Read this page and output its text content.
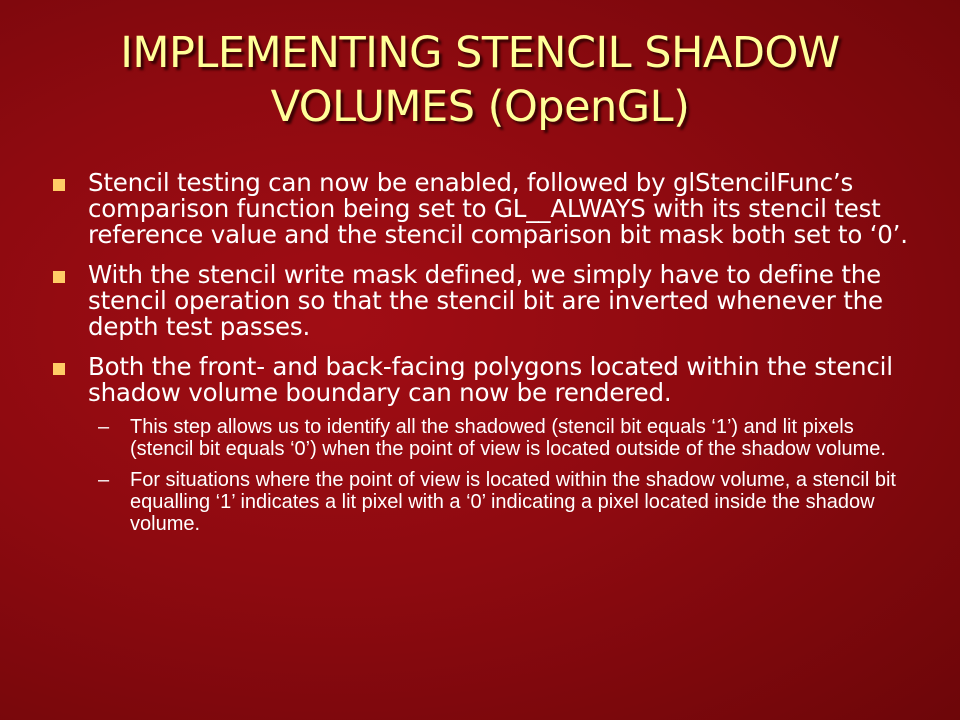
IMPLEMENTING STENCIL SHADOW
VOLUMES (OpenGL)
Stencil testing can now be enabled, followed by glStencilFunc’s comparison function being set to GL__ALWAYS with its stencil test reference value and the stencil comparison bit mask both set to ‘0’.
With the stencil write mask defined, we simply have to define the stencil operation so that the stencil bit are inverted whenever the depth test passes.
Both the front- and back-facing polygons located within the stencil shadow volume boundary can now be rendered.
– This step allows us to identify all the shadowed (stencil bit equals ‘1’) and lit pixels (stencil bit equals ‘0’) when the point of view is located outside of the shadow volume.
– For situations where the point of view is located within the shadow volume, a stencil bit equalling ‘1’ indicates a lit pixel with a ‘0’ indicating a pixel located inside the shadow volume.
